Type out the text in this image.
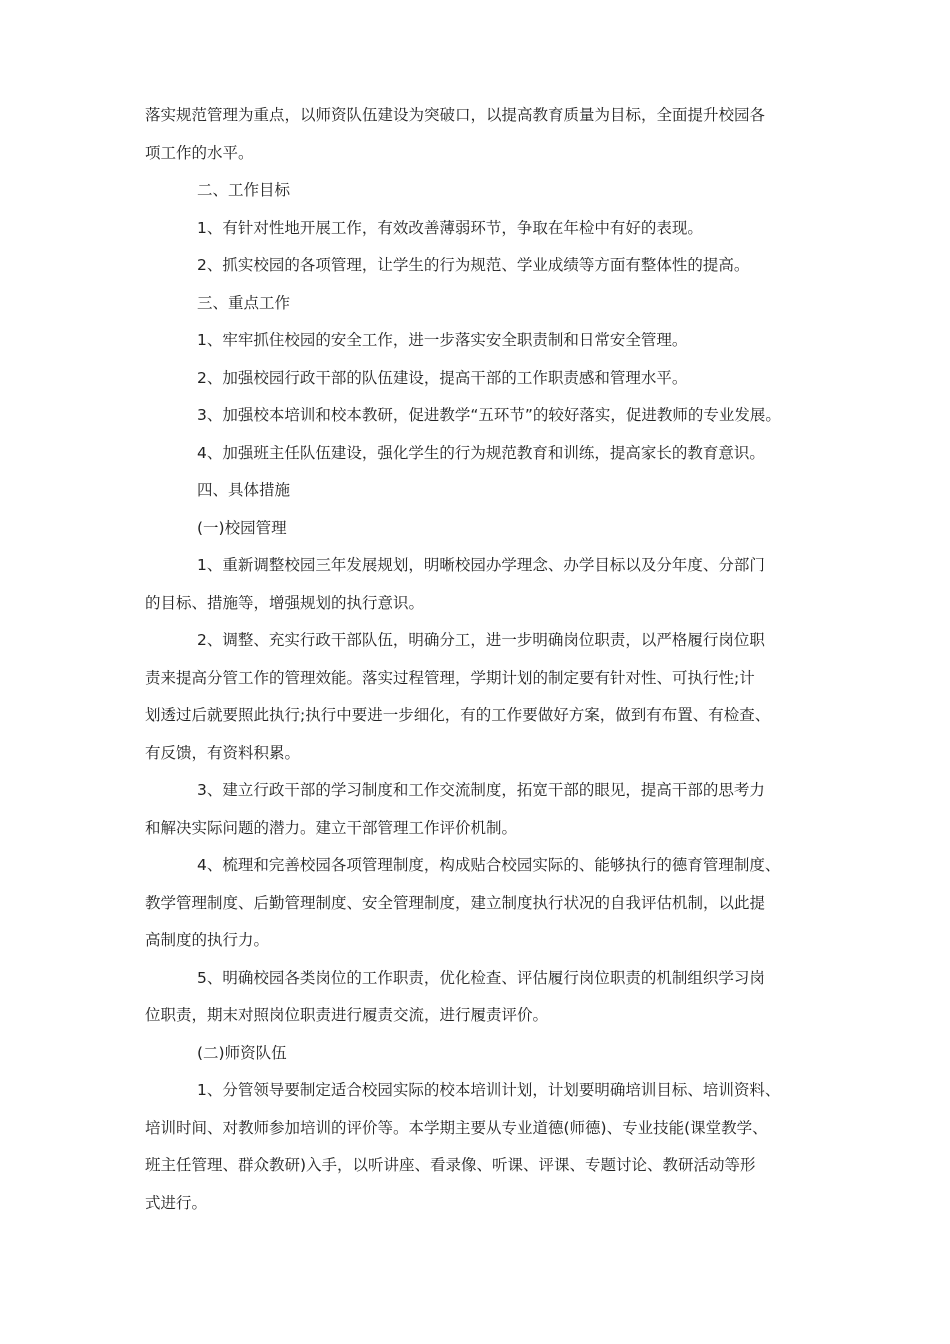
落实规范管理为重点，以师资队伍建设为突破口，以提高教育质量为目标，全面提升校园各
项工作的水平。

二、工作目标

1、有针对性地开展工作，有效改善薄弱环节，争取在年检中有好的表现。

2、抓实校园的各项管理，让学生的行为规范、学业成绩等方面有整体性的提高。

三、重点工作

1、牢牢抓住校园的安全工作，进一步落实安全职责制和日常安全管理。

2、加强校园行政干部的队伍建设，提高干部的工作职责感和管理水平。

3、加强校本培训和校本教研，促进教学“五环节”的较好落实，促进教师的专业发展。

4、加强班主任队伍建设，强化学生的行为规范教育和训练，提高家长的教育意识。

四、具体措施

(一)校园管理

1、重新调整校园三年发展规划，明晰校园办学理念、办学目标以及分年度、分部门
的目标、措施等，增强规划的执行意识。

2、调整、充实行政干部队伍，明确分工，进一步明确岗位职责，以严格履行岗位职
责来提高分管工作的管理效能。落实过程管理，学期计划的制定要有针对性、可执行性;计
划透过后就要照此执行;执行中要进一步细化，有的工作要做好方案，做到有布置、有检查、
有反馈，有资料积累。

3、建立行政干部的学习制度和工作交流制度，拓宽干部的眼见，提高干部的思考力
和解决实际问题的潜力。建立干部管理工作评价机制。

4、梳理和完善校园各项管理制度，构成贴合校园实际的、能够执行的德育管理制度、
教学管理制度、后勤管理制度、安全管理制度，建立制度执行状况的自我评估机制，以此提
高制度的执行力。

5、明确校园各类岗位的工作职责，优化检查、评估履行岗位职责的机制组织学习岗
位职责，期末对照岗位职责进行履责交流，进行履责评价。

(二)师资队伍

1、分管领导要制定适合校园实际的校本培训计划，计划要明确培训目标、培训资料、
培训时间、对教师参加培训的评价等。本学期主要从专业道德(师德)、专业技能(课堂教学、
班主任管理、群众教研)入手，以听讲座、看录像、听课、评课、专题讨论、教研活动等形
式进行。
